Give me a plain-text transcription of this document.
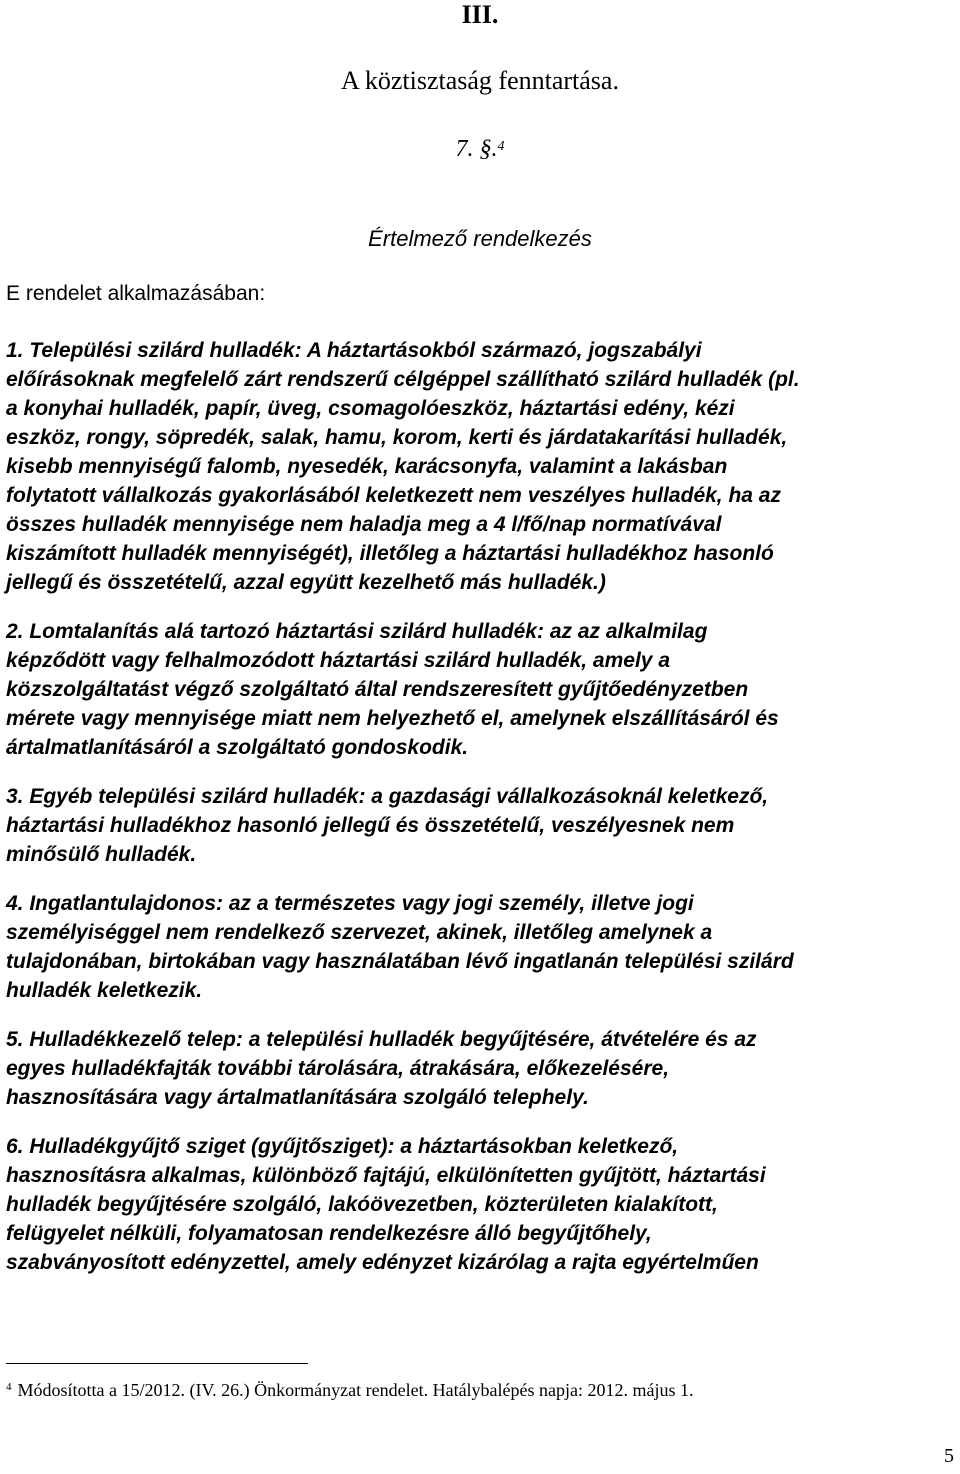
III.
A köztisztaság fenntartása.
7. §.$^4$
Értelmező rendelkezés
E rendelet alkalmazásában:

1. Települési szilárd hulladék: A háztartásokból származó, jogszabályi
előírásoknak megfelelő zárt rendszerű célgéppel szállítható szilárd hulladék (pl.
a konyhai hulladék, papír, üveg, csomagolóeszköz, háztartási edény, kézi
eszköz, rongy, söpredék, salak, hamu, korom, kerti és járdatakarítási hulladék,
kisebb mennyiségű falomb, nyesedék, karácsonyfa, valamint a lakásban
folytatott vállalkozás gyakorlásából keletkezett nem veszélyes hulladék, ha az
összes hulladék mennyisége nem haladja meg a 4 l/fő/nap normatívával
kiszámított hulladék mennyiségét), illetőleg a háztartási hulladékhoz hasonló
jellegű és összetételű, azzal együtt kezelhető más hulladék.)

2. Lomtalanítás alá tartozó háztartási szilárd hulladék: az az alkalmilag
képződött vagy felhalmozódott háztartási szilárd hulladék, amely a
közszolgáltatást végző szolgáltató által rendszeresített gyűjtőedényzetben
mérete vagy mennyisége miatt nem helyezhető el, amelynek elszállításáról és
ártalmatlanításáról a szolgáltató gondoskodik.

3. Egyéb települési szilárd hulladék: a gazdasági vállalkozásoknál keletkező,
háztartási hulladékhoz hasonló jellegű és összetételű, veszélyesnek nem
minősülő hulladék.

4. Ingatlantulajdonos: az a természetes vagy jogi személy, illetve jogi
személyiséggel nem rendelkező szervezet, akinek, illetőleg amelynek a
tulajdonában, birtokában vagy használatában lévő ingatlanán települési szilárd
hulladék keletkezik.

5. Hulladékkezelő telep: a települési hulladék begyűjtésére, átvételére és az
egyes hulladékfajták további tárolására, átrakására, előkezelésére,
hasznosítására vagy ártalmatlanítására szolgáló telephely.

6. Hulladékgyűjtő sziget (gyűjtősziget): a háztartásokban keletkező,
hasznosításra alkalmas, különböző fajtájú, elkülönítetten gyűjtött, háztartási
hulladék begyűjtésére szolgáló, lakóövezetben, közterületen kialakított,
felügyelet nélküli, folyamatosan rendelkezésre álló begyűjtőhely,
szabványosított edényzettel, amely edényzet kizárólag a rajta egyértelműen

$^4$ Módosította a 15/2012. (IV. 26.) Önkormányzat rendelet. Hatálybalépés napja: 2012. május 1.
5
